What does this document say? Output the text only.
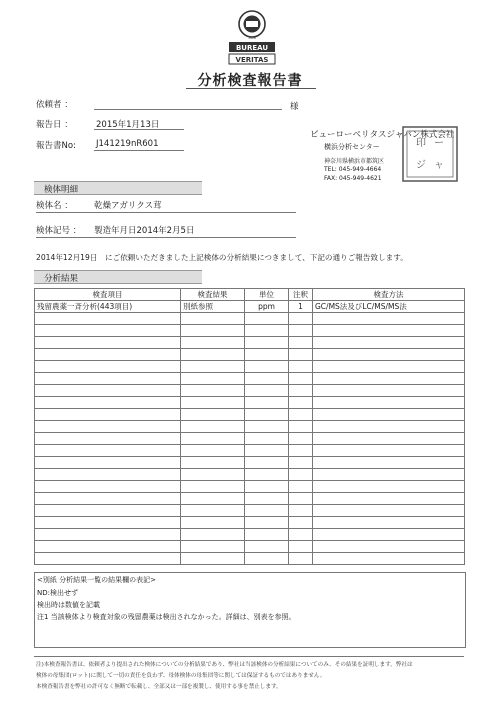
BUREAU
VERITAS
1828
分析検査報告書
依頼者 ：	様
報告日 ：	2015年1月13日
報告書No: J141219nR601
ビューローベリタスジャパン株式会社
横浜分析センター
神奈川県横浜市都筑区
TEL: 045-949-4664
FAX: 045-949-4621
印 ー
ジ ャ
検体明細
検体名 ：	乾燥アガリクス茸
検体記号 ： 製造年月日2014年2月5日
2014年12月19日　にご依頼いただきました上記検体の分析結果につきまして、下記の通りご報告致します。
分析結果
検査項目	検査結果	単位	注釈	検査方法
残留農薬一斉分析(443項目)	別紙参照	ppm	1	GC/MS法及びLC/MS/MS法

<別紙 分析結果一覧の結果欄の表記>
ND:検出せず
検出時は数値を記載
注1 当該検体より検査対象の残留農薬は検出されなかった。詳細は、別表を参照。
注)本検査報告書は、依頼者より提出された検体についての分析結果であり、弊社は当該検体の分析結果についてのみ、その結果を証明します。弊社は
検体の母集団(ロット)に関して一切の責任を負わず、母体検体の母集団等に関しては保証するものではありません。
本検査報告書を弊社の許可なく無断で転載し、全部又は一部を複製し、使用する事を禁止します。
